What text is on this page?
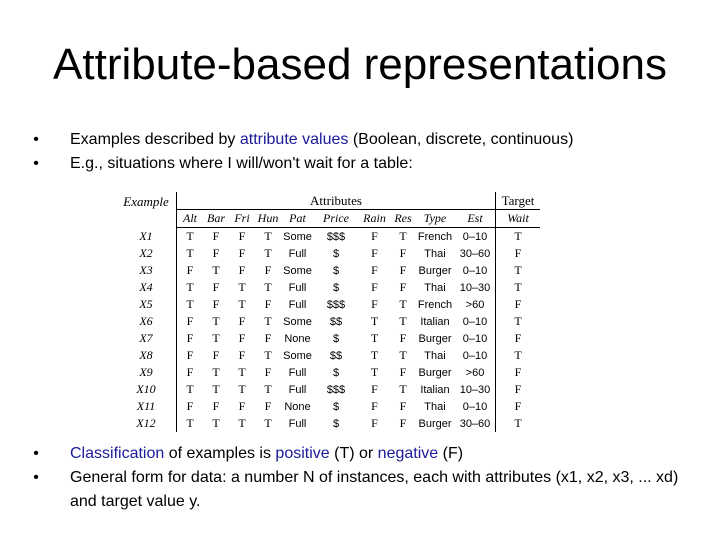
Attribute-based representations
• Examples described by attribute values (Boolean, discrete, continuous)
• E.g., situations where I will/won't wait for a table:
Example	Attributes										Target
	Alt	Bar	Fri	Hun	Pat	Price	Rain	Res	Type	Est	Wait
X1	T	F	F	T	Some	$$$	F	T	French	0–10	T
X2	T	F	F	T	Full	$	F	F	Thai	30–60	F
X3	F	T	F	F	Some	$	F	F	Burger	0–10	T
X4	T	F	T	T	Full	$	F	F	Thai	10–30	T
X5	T	F	T	F	Full	$$$	F	T	French	>60	F
X6	F	T	F	T	Some	$$	T	T	Italian	0–10	T
X7	F	T	F	F	None	$	T	F	Burger	0–10	F
X8	F	F	F	T	Some	$$	T	T	Thai	0–10	T
X9	F	T	T	F	Full	$	T	F	Burger	>60	F
X10	T	T	T	T	Full	$$$	F	T	Italian	10–30	F
X11	F	F	F	F	None	$	F	F	Thai	0–10	F
X12	T	T	T	T	Full	$	F	F	Burger	30–60	T
• Classification of examples is positive (T) or negative (F)
• General form for data: a number N of instances, each with attributes (x1, x2, x3, ... xd) and target value y.
